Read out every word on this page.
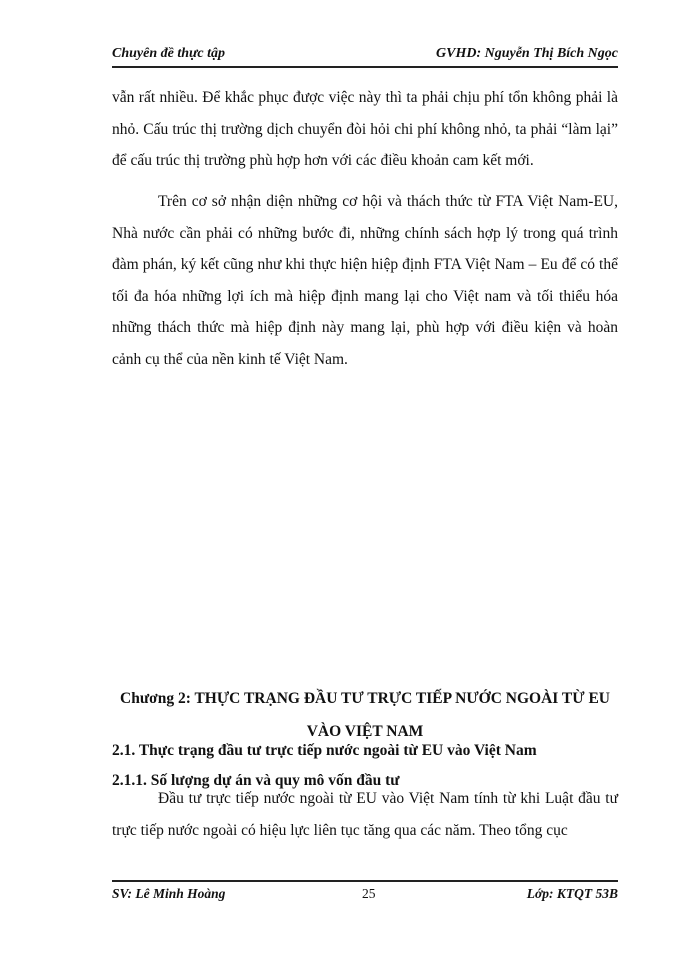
Chuyên đề thực tập	GVHD: Nguyễn Thị Bích Ngọc

vẫn rất nhiều. Để khắc phục được việc này thì ta phải chịu phí tổn không phải là nhỏ. Cấu trúc thị trường dịch chuyển đòi hỏi chi phí không nhỏ, ta phải “làm lại” để cấu trúc thị trường phù hợp hơn với các điều khoản cam kết mới.

Trên cơ sở nhận diện những cơ hội và thách thức từ FTA Việt Nam-EU, Nhà nước cần phải có những bước đi, những chính sách hợp lý trong quá trình đàm phán, ký kết cũng như khi thực hiện hiệp định FTA Việt Nam – Eu để có thể tối đa hóa những lợi ích mà hiệp định mang lại cho Việt nam và tối thiểu hóa những thách thức mà hiệp định này mang lại, phù hợp với điều kiện và hoàn cảnh cụ thể của nền kinh tế Việt Nam.

Chương 2: THỰC TRẠNG ĐẦU TƯ TRỰC TIẾP NƯỚC NGOÀI TỪ EU VÀO VIỆT NAM

2.1. Thực trạng đầu tư trực tiếp nước ngoài từ EU vào Việt Nam

2.1.1. Số lượng dự án và quy mô vốn đầu tư

Đầu tư trực tiếp nước ngoài từ EU vào Việt Nam tính từ khi Luật đầu tư trực tiếp nước ngoài có hiệu lực liên tục tăng qua các năm. Theo tổng cục

SV: Lê Minh Hoàng	25	Lớp: KTQT 53B
